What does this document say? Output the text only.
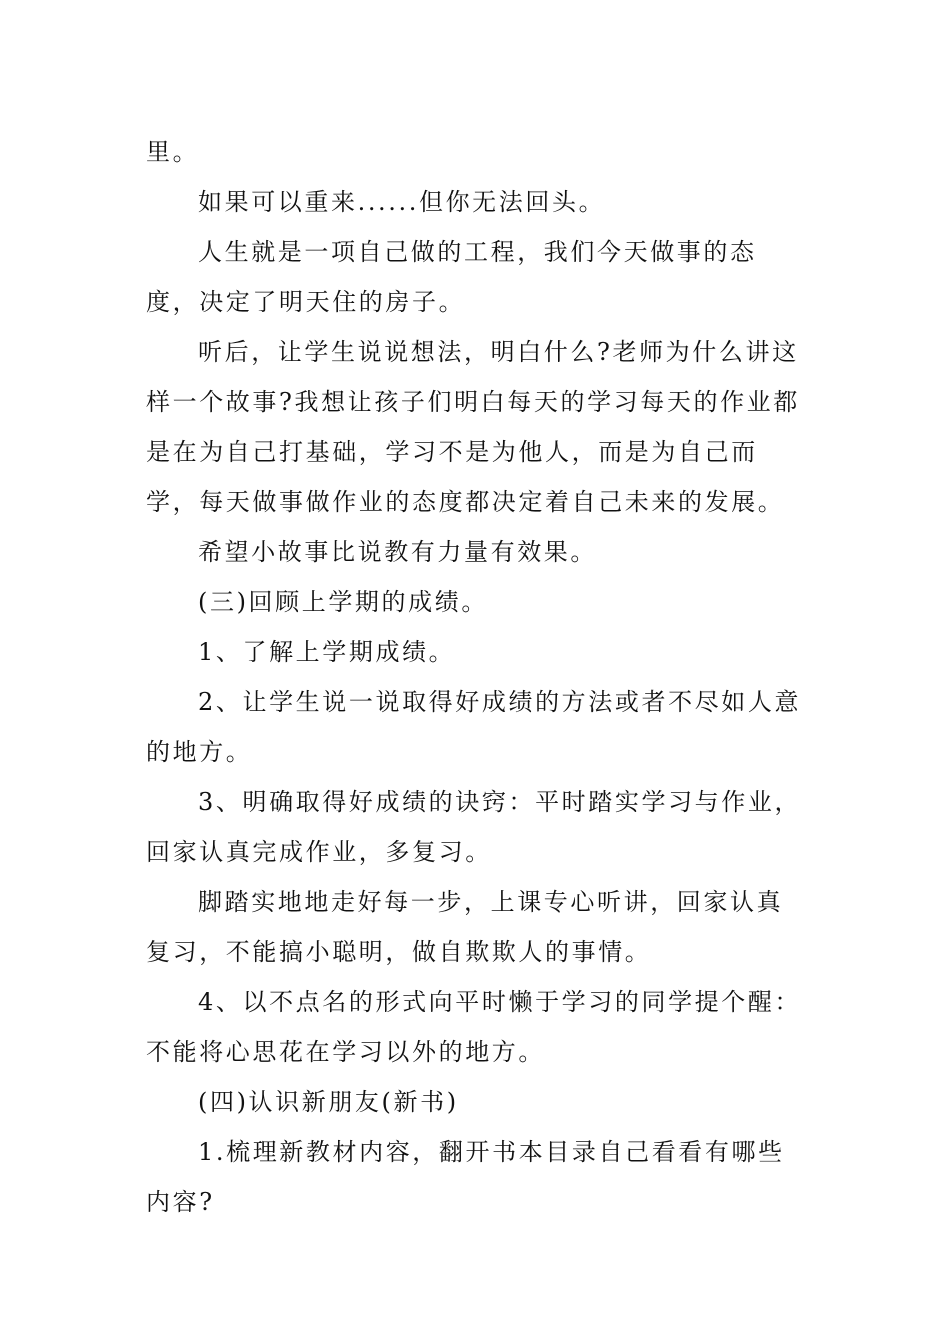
里。

如果可以重来......但你无法回头。

人生就是一项自己做的工程，我们今天做事的态度，决定了明天住的房子。

听后，让学生说说想法，明白什么?老师为什么讲这样一个故事?我想让孩子们明白每天的学习每天的作业都是在为自己打基础，学习不是为他人，而是为自己而学，每天做事做作业的态度都决定着自己未来的发展。

希望小故事比说教有力量有效果。

(三)回顾上学期的成绩。

1、了解上学期成绩。

2、让学生说一说取得好成绩的方法或者不尽如人意的地方。

3、明确取得好成绩的诀窍：平时踏实学习与作业，回家认真完成作业，多复习。

脚踏实地地走好每一步，上课专心听讲，回家认真复习，不能搞小聪明，做自欺欺人的事情。

4、以不点名的形式向平时懒于学习的同学提个醒：不能将心思花在学习以外的地方。

(四)认识新朋友(新书)

1.梳理新教材内容，翻开书本目录自己看看有哪些内容?
